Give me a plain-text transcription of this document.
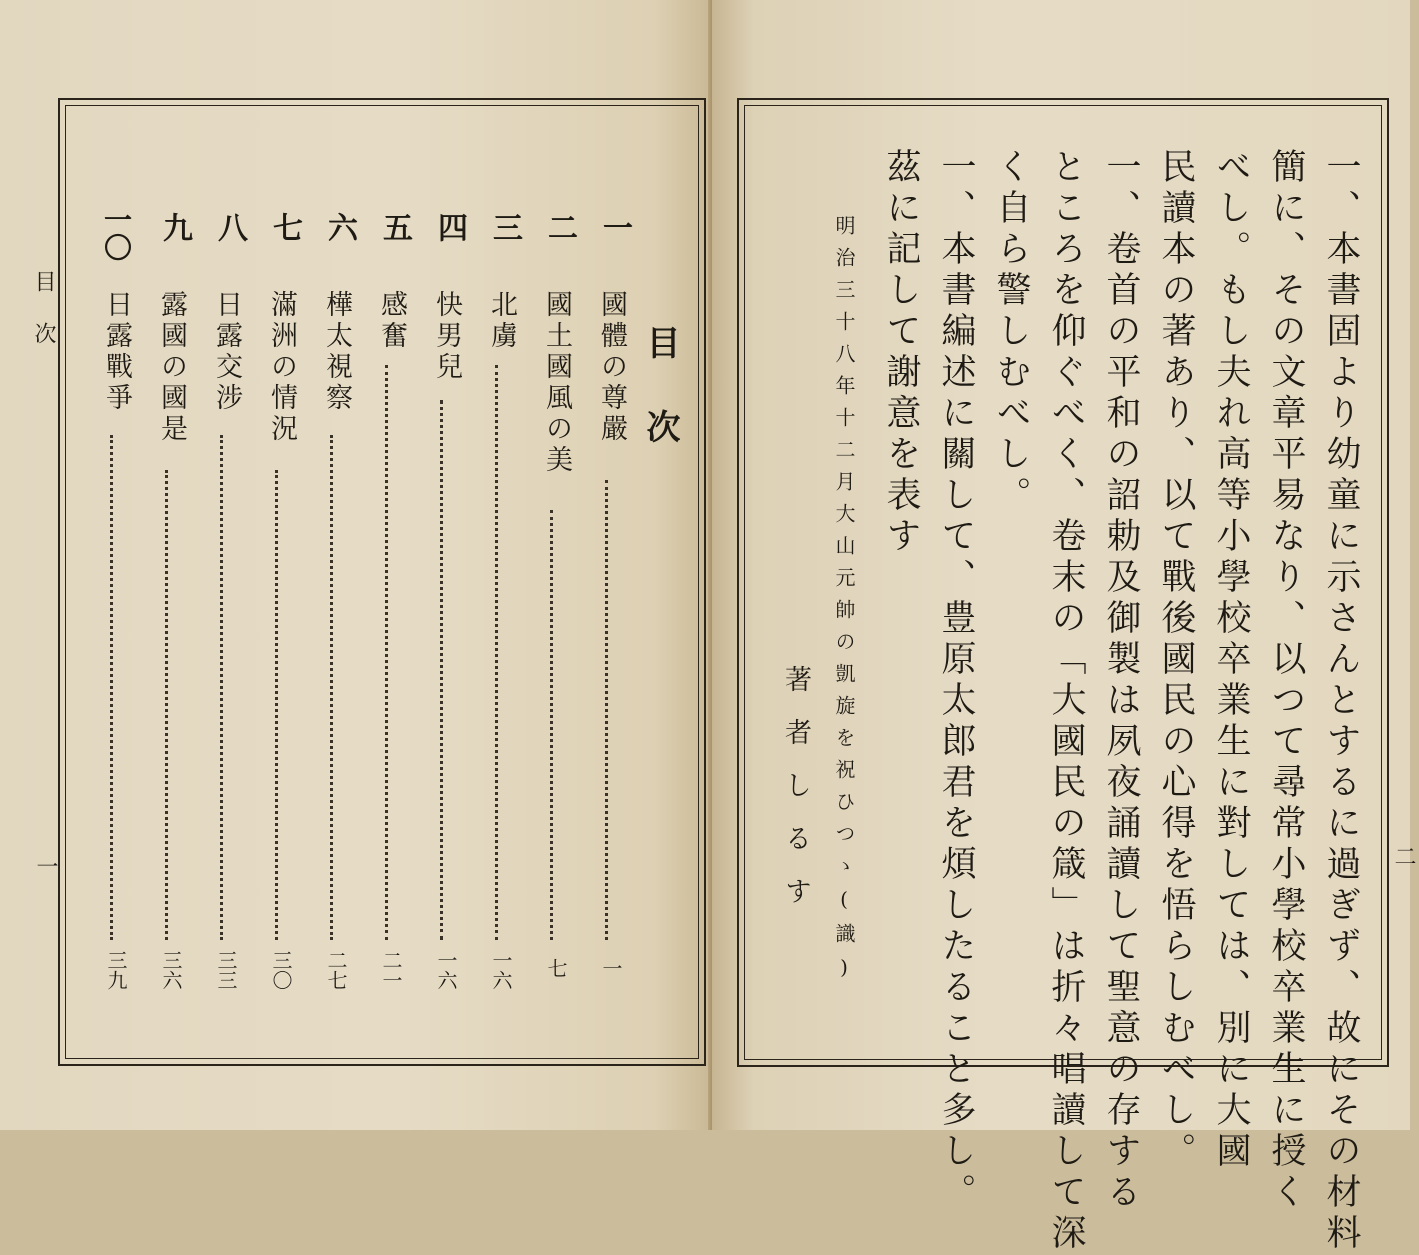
目次
一
目次
一
國體の尊嚴
一
二
國土國風の美
七
三
北虜
一六
四
快男兒
一六
五
感奮
二一
六
樺太視察
二七
七
滿洲の情況
三〇
八
日露交涉
三三
九
露國の國是
三六
一〇
日露戰爭
三九
二
一、本書固より幼童に示さんとするに過ぎず、故にその材料
簡に、その文章平易なり、以つて尋常小學校卒業生に授く
べし。もし夫れ高等小學校卒業生に對しては、別に大國
民讀本の著あり、以て戰後國民の心得を悟らしむべし。
一、卷首の平和の詔勅及御製は夙夜誦讀して聖意の存する
ところを仰ぐべく、卷末の「大國民の箴」は折々唱讀して深
く自ら警しむべし。
一、本書編述に關して、豊原太郎君を煩したること多し。
茲に記して謝意を表す
明治三十八年十二月大山元帥の凱旋を祝ひつゝ(識)
著者しるす
